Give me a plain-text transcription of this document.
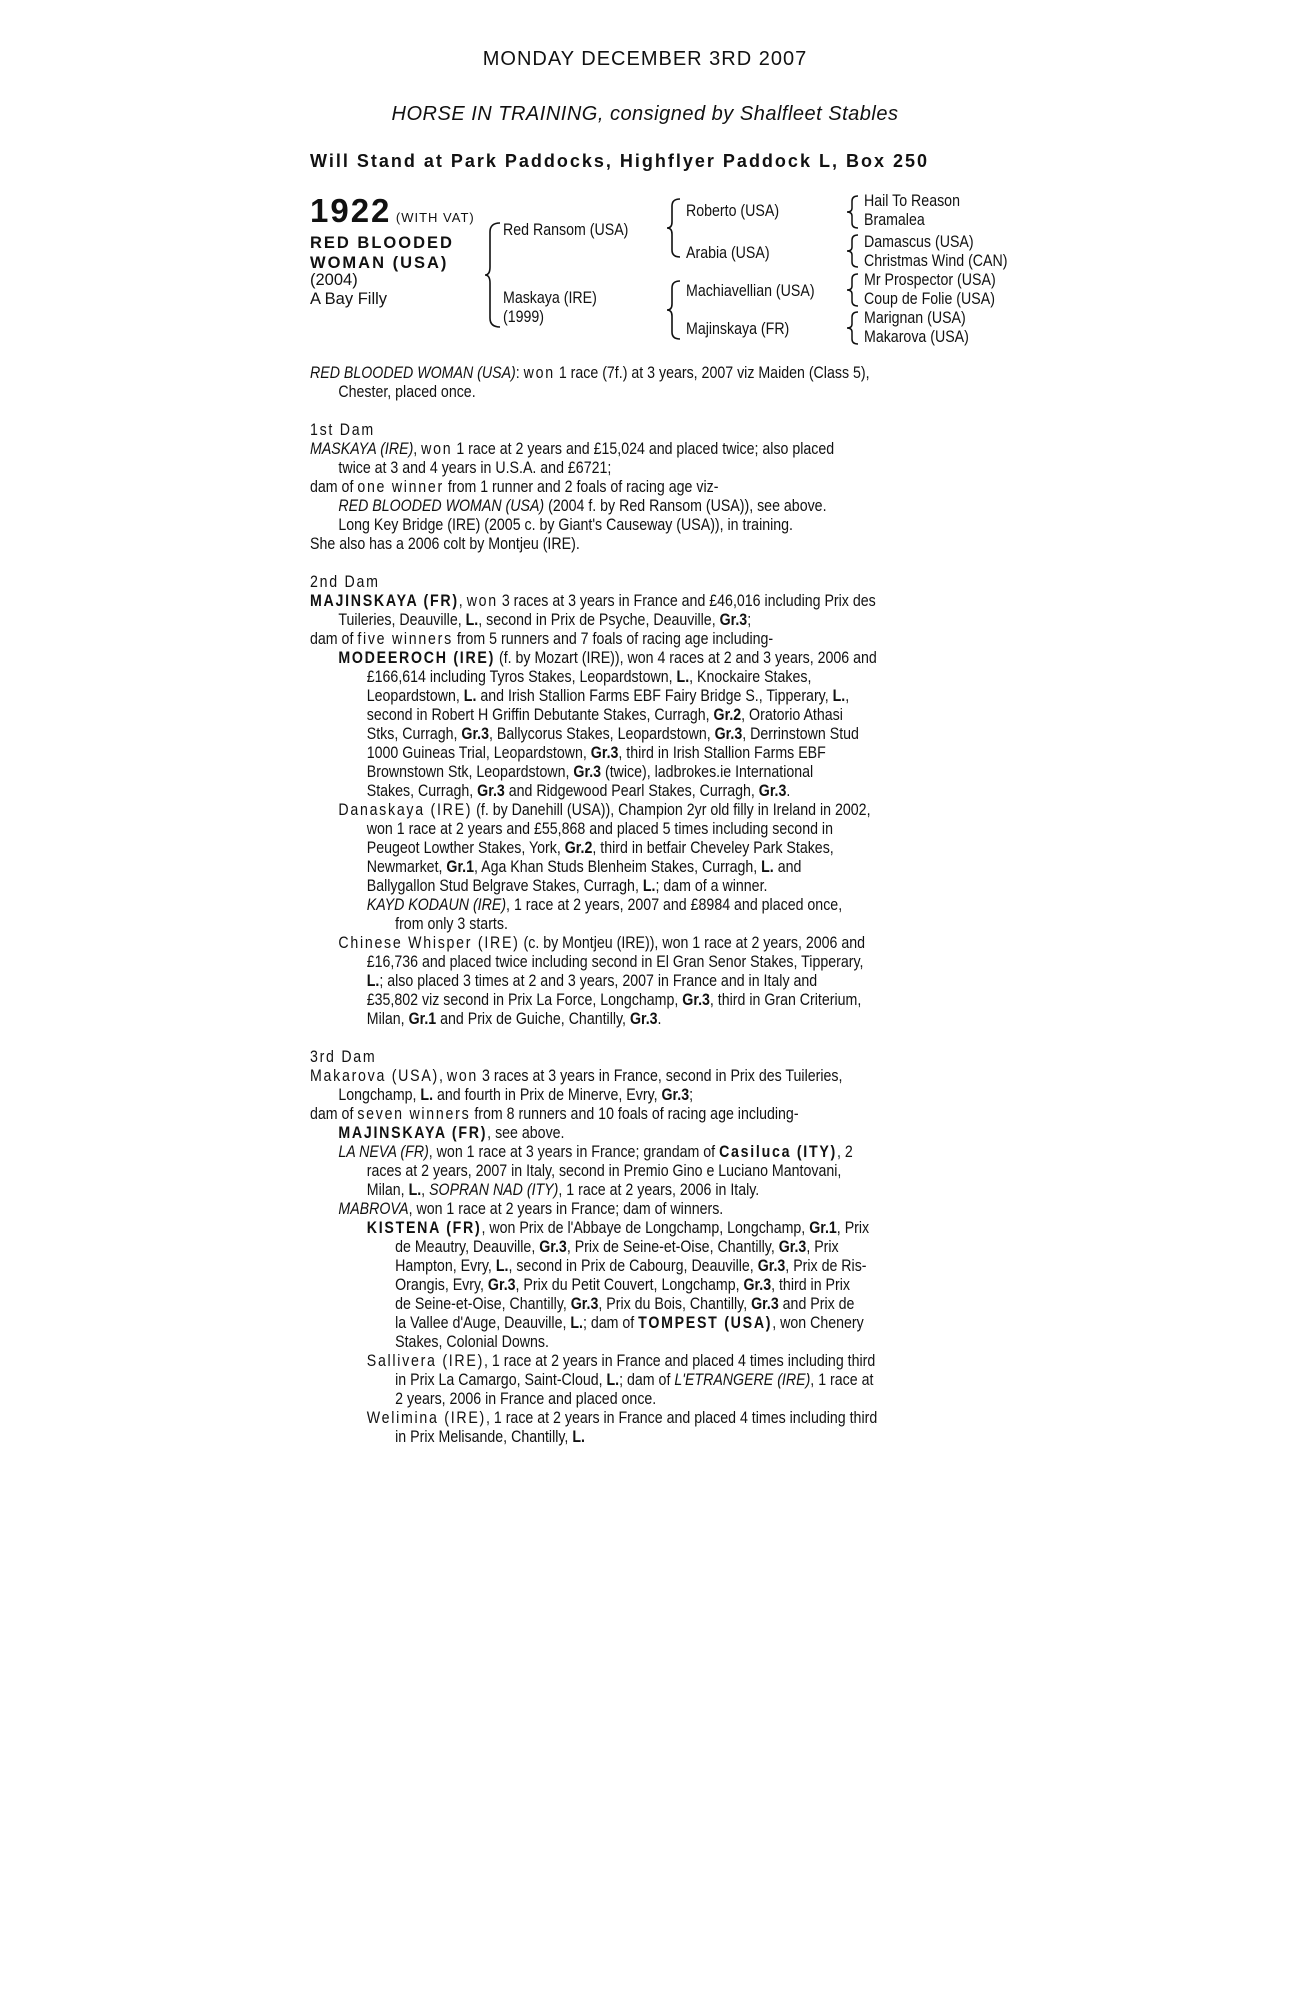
MONDAY DECEMBER 3RD 2007
HORSE IN TRAINING, consigned by Shalfleet Stables
Will Stand at Park Paddocks, Highflyer Paddock L, Box 250
1922 (WITH VAT)
RED BLOODED
WOMAN (USA)
(2004)
A Bay Filly
Red Ransom (USA)
Maskaya (IRE)
(1999)
Roberto (USA)
Arabia (USA)
Machiavellian (USA)
Majinskaya (FR)
Hail To Reason
Bramalea
Damascus (USA)
Christmas Wind (CAN)
Mr Prospector (USA)
Coup de Folie (USA)
Marignan (USA)
Makarova (USA)
RED BLOODED WOMAN (USA): won 1 race (7f.) at 3 years, 2007 viz Maiden (Class 5),
Chester, placed once.
1st Dam
MASKAYA (IRE), won 1 race at 2 years and £15,024 and placed twice; also placed
twice at 3 and 4 years in U.S.A. and £6721;
dam of one winner from 1 runner and 2 foals of racing age viz-
RED BLOODED WOMAN (USA) (2004 f. by Red Ransom (USA)), see above.
Long Key Bridge (IRE) (2005 c. by Giant's Causeway (USA)), in training.
She also has a 2006 colt by Montjeu (IRE).
2nd Dam
MAJINSKAYA (FR), won 3 races at 3 years in France and £46,016 including Prix des
Tuileries, Deauville, L., second in Prix de Psyche, Deauville, Gr.3;
dam of five winners from 5 runners and 7 foals of racing age including-
MODEEROCH (IRE) (f. by Mozart (IRE)), won 4 races at 2 and 3 years, 2006 and
£166,614 including Tyros Stakes, Leopardstown, L., Knockaire Stakes,
Leopardstown, L. and Irish Stallion Farms EBF Fairy Bridge S., Tipperary, L.,
second in Robert H Griffin Debutante Stakes, Curragh, Gr.2, Oratorio Athasi
Stks, Curragh, Gr.3, Ballycorus Stakes, Leopardstown, Gr.3, Derrinstown Stud
1000 Guineas Trial, Leopardstown, Gr.3, third in Irish Stallion Farms EBF
Brownstown Stk, Leopardstown, Gr.3 (twice), ladbrokes.ie International
Stakes, Curragh, Gr.3 and Ridgewood Pearl Stakes, Curragh, Gr.3.
Danaskaya (IRE) (f. by Danehill (USA)), Champion 2yr old filly in Ireland in 2002,
won 1 race at 2 years and £55,868 and placed 5 times including second in
Peugeot Lowther Stakes, York, Gr.2, third in betfair Cheveley Park Stakes,
Newmarket, Gr.1, Aga Khan Studs Blenheim Stakes, Curragh, L. and
Ballygallon Stud Belgrave Stakes, Curragh, L.; dam of a winner.
KAYD KODAUN (IRE), 1 race at 2 years, 2007 and £8984 and placed once,
from only 3 starts.
Chinese Whisper (IRE) (c. by Montjeu (IRE)), won 1 race at 2 years, 2006 and
£16,736 and placed twice including second in El Gran Senor Stakes, Tipperary,
L.; also placed 3 times at 2 and 3 years, 2007 in France and in Italy and
£35,802 viz second in Prix La Force, Longchamp, Gr.3, third in Gran Criterium,
Milan, Gr.1 and Prix de Guiche, Chantilly, Gr.3.
3rd Dam
Makarova (USA), won 3 races at 3 years in France, second in Prix des Tuileries,
Longchamp, L. and fourth in Prix de Minerve, Evry, Gr.3;
dam of seven winners from 8 runners and 10 foals of racing age including-
MAJINSKAYA (FR), see above.
LA NEVA (FR), won 1 race at 3 years in France; grandam of Casiluca (ITY), 2
races at 2 years, 2007 in Italy, second in Premio Gino e Luciano Mantovani,
Milan, L., SOPRAN NAD (ITY), 1 race at 2 years, 2006 in Italy.
MABROVA, won 1 race at 2 years in France; dam of winners.
KISTENA (FR), won Prix de l'Abbaye de Longchamp, Longchamp, Gr.1, Prix
de Meautry, Deauville, Gr.3, Prix de Seine-et-Oise, Chantilly, Gr.3, Prix
Hampton, Evry, L., second in Prix de Cabourg, Deauville, Gr.3, Prix de Ris-
Orangis, Evry, Gr.3, Prix du Petit Couvert, Longchamp, Gr.3, third in Prix
de Seine-et-Oise, Chantilly, Gr.3, Prix du Bois, Chantilly, Gr.3 and Prix de
la Vallee d'Auge, Deauville, L.; dam of TOMPEST (USA), won Chenery
Stakes, Colonial Downs.
Sallivera (IRE), 1 race at 2 years in France and placed 4 times including third
in Prix La Camargo, Saint-Cloud, L.; dam of L'ETRANGERE (IRE), 1 race at
2 years, 2006 in France and placed once.
Welimina (IRE), 1 race at 2 years in France and placed 4 times including third
in Prix Melisande, Chantilly, L.
